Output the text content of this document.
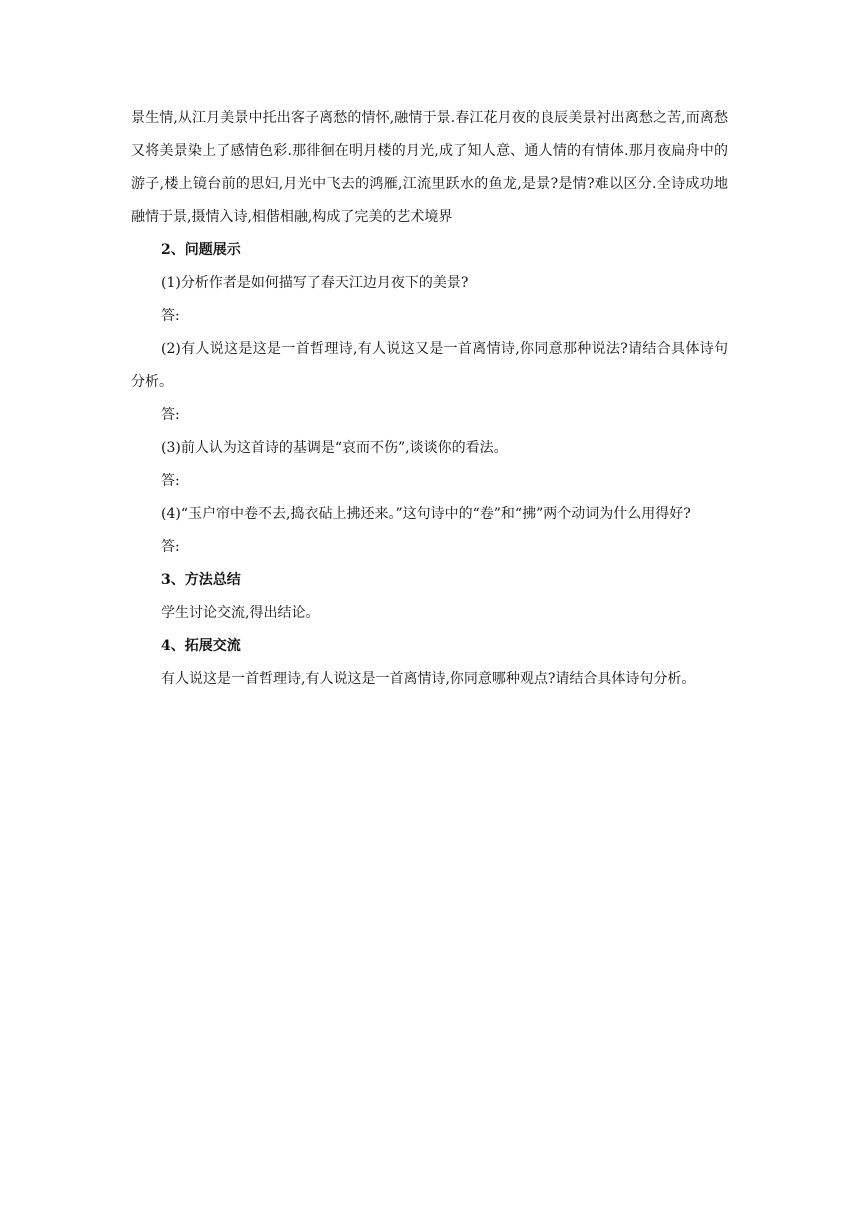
景生情,从江月美景中托出客子离愁的情怀,融情于景.春江花月夜的良辰美景衬出离愁之苦,而离愁又将美景染上了感情色彩.那徘徊在明月楼的月光,成了知人意、通人情的有情体.那月夜扁舟中的游子,楼上镜台前的思妇,月光中飞去的鸿雁,江流里跃水的鱼龙,是景?是情?难以区分.全诗成功地融情于景,摄情入诗,相偕相融,构成了完美的艺术境界

2、问题展示

(1)分析作者是如何描写了春天江边月夜下的美景?

答:

(2)有人说这是这是一首哲理诗,有人说这又是一首离情诗,你同意那种说法?请结合具体诗句分析。

答:

(3)前人认为这首诗的基调是“哀而不伤”,谈谈你的看法。

答:

(4)“玉户帘中卷不去,捣衣砧上拂还来。”这句诗中的“卷”和“拂”两个动词为什么用得好?

答:

3、方法总结

学生讨论交流,得出结论。

4、拓展交流

有人说这是一首哲理诗,有人说这是一首离情诗,你同意哪种观点?请结合具体诗句分析。
